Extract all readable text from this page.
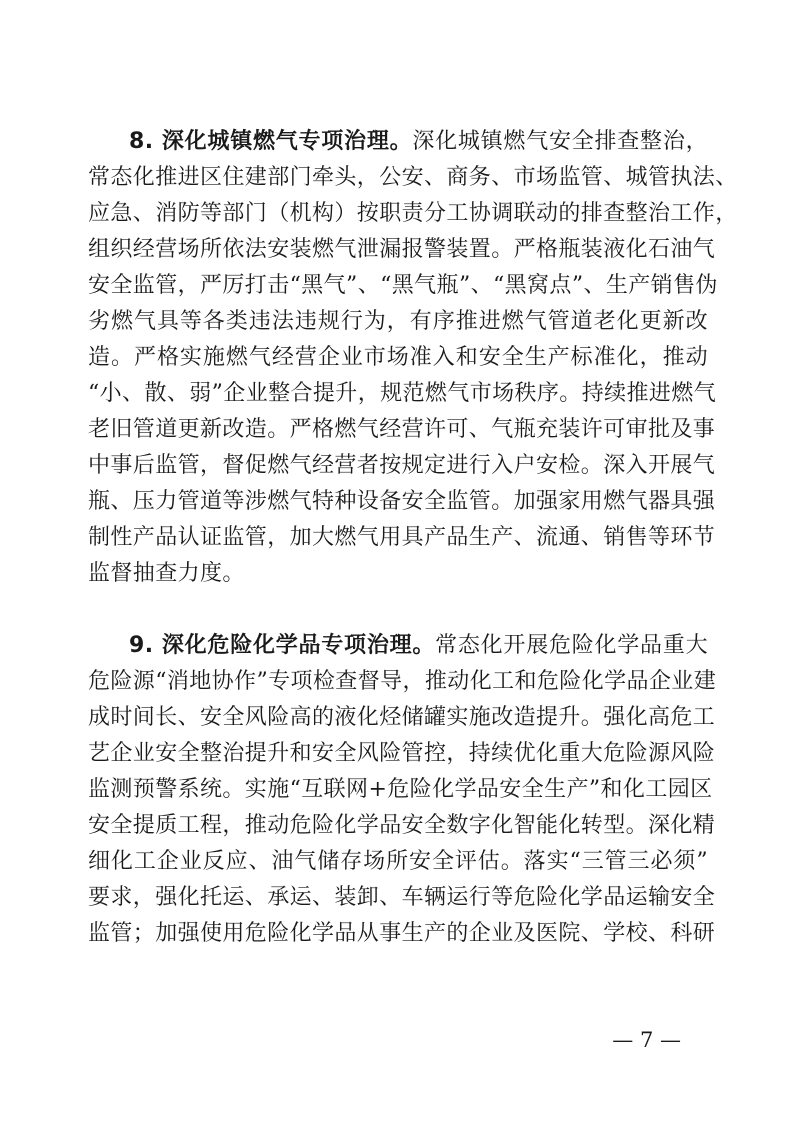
8. 深化城镇燃气专项治理。深化城镇燃气安全排查整治，
常态化推进区住建部门牵头，公安、商务、市场监管、城管执法、
应急、消防等部门（机构）按职责分工协调联动的排查整治工作，
组织经营场所依法安装燃气泄漏报警装置。严格瓶装液化石油气
安全监管，严厉打击“黑气”、“黑气瓶”、“黑窝点”、生产销售伪
劣燃气具等各类违法违规行为，有序推进燃气管道老化更新改
造。严格实施燃气经营企业市场准入和安全生产标准化，推动
“小、散、弱”企业整合提升，规范燃气市场秩序。持续推进燃气
老旧管道更新改造。严格燃气经营许可、气瓶充装许可审批及事
中事后监管，督促燃气经营者按规定进行入户安检。深入开展气
瓶、压力管道等涉燃气特种设备安全监管。加强家用燃气器具强
制性产品认证监管，加大燃气用具产品生产、流通、销售等环节
监督抽查力度。
9. 深化危险化学品专项治理。常态化开展危险化学品重大
危险源“消地协作”专项检查督导，推动化工和危险化学品企业建
成时间长、安全风险高的液化烃储罐实施改造提升。强化高危工
艺企业安全整治提升和安全风险管控，持续优化重大危险源风险
监测预警系统。实施“互联网+危险化学品安全生产”和化工园区
安全提质工程，推动危险化学品安全数字化智能化转型。深化精
细化工企业反应、油气储存场所安全评估。落实“三管三必须”
要求，强化托运、承运、装卸、车辆运行等危险化学品运输安全
监管；加强使用危险化学品从事生产的企业及医院、学校、科研
— 7 —
